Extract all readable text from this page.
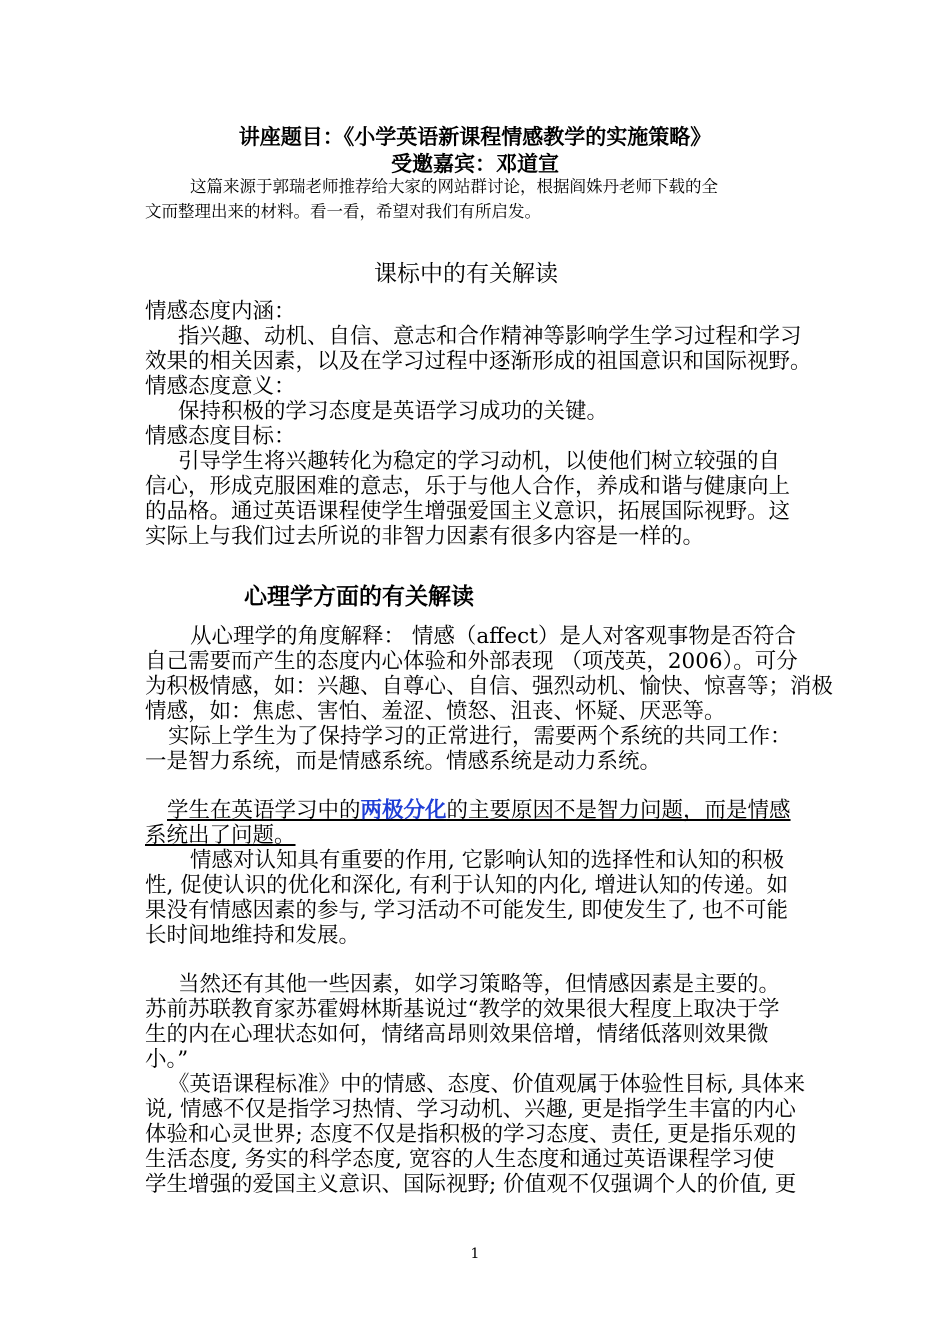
讲座题目：《小学英语新课程情感教学的实施策略》
受邀嘉宾：邓道宣
这篇来源于郭瑞老师推荐给大家的网站群讨论，根据阎姝丹老师下载的全
文而整理出来的材料。看一看，希望对我们有所启发。
课标中的有关解读
情感态度内涵：
指兴趣、动机、自信、意志和合作精神等影响学生学习过程和学习
效果的相关因素，以及在学习过程中逐渐形成的祖国意识和国际视野。
情感态度意义：
保持积极的学习态度是英语学习成功的关键。
情感态度目标：
引导学生将兴趣转化为稳定的学习动机，以使他们树立较强的自
信心，形成克服困难的意志，乐于与他人合作，养成和谐与健康向上
的品格。通过英语课程使学生增强爱国主义意识，拓展国际视野。这
实际上与我们过去所说的非智力因素有很多内容是一样的。
心理学方面的有关解读
从心理学的角度解释： 情感（affect）是人对客观事物是否符合
自己需要而产生的态度内心体验和外部表现 （项茂英，2006）。可分
为积极情感，如：兴趣、自尊心、自信、强烈动机、愉快、惊喜等；消极
情感，如：焦虑、害怕、羞涩、愤怒、沮丧、怀疑、厌恶等。
实际上学生为了保持学习的正常进行，需要两个系统的共同工作：
一是智力系统，而是情感系统。情感系统是动力系统。
学生在英语学习中的两极分化的主要原因不是智力问题，而是情感
系统出了问题。
情感对认知具有重要的作用, 它影响认知的选择性和认知的积极
性, 促使认识的优化和深化, 有利于认知的内化, 增进认知的传递。如
果没有情感因素的参与, 学习活动不可能发生, 即使发生了, 也不可能
长时间地维持和发展。
当然还有其他一些因素，如学习策略等，但情感因素是主要的。
苏前苏联教育家苏霍姆林斯基说过“教学的效果很大程度上取决于学
生的内在心理状态如何，情绪高昂则效果倍增，情绪低落则效果微
小。”
《英语课程标准》中的情感、态度、价值观属于体验性目标, 具体来
说, 情感不仅是指学习热情、学习动机、兴趣, 更是指学生丰富的内心
体验和心灵世界; 态度不仅是指积极的学习态度、责任, 更是指乐观的
生活态度, 务实的科学态度, 宽容的人生态度和通过英语课程学习使
学生增强的爱国主义意识、国际视野; 价值观不仅强调个人的价值, 更
1
